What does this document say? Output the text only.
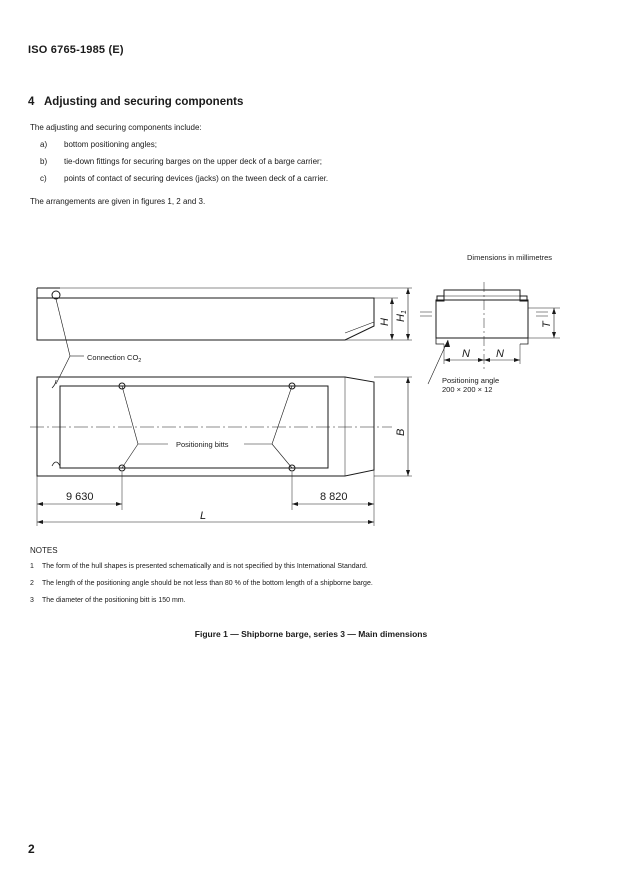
ISO 6765-1985 (E)
4 Adjusting and securing components
The adjusting and securing components include:
a) bottom positioning angles;
b) tie-down fittings for securing barges on the upper deck of a barge carrier;
c) points of contact of securing devices (jacks) on the tween deck of a carrier.
The arrangements are given in figures 1, 2 and 3.
Dimensions in millimetres
Connection $CO_2$
Positioning bitts
Positioning angle
200 × 200 × 12
9 630	8 820
L
B
H
H1
T
N N
NOTES
1 The form of the hull shapes is presented schematically and is not specified by this International Standard.
2 The length of the positioning angle should be not less than 80 % of the bottom length of a shipborne barge.
3 The diameter of the positioning bitt is 150 mm.
Figure 1 — Shipborne barge, series 3 — Main dimensions
2
